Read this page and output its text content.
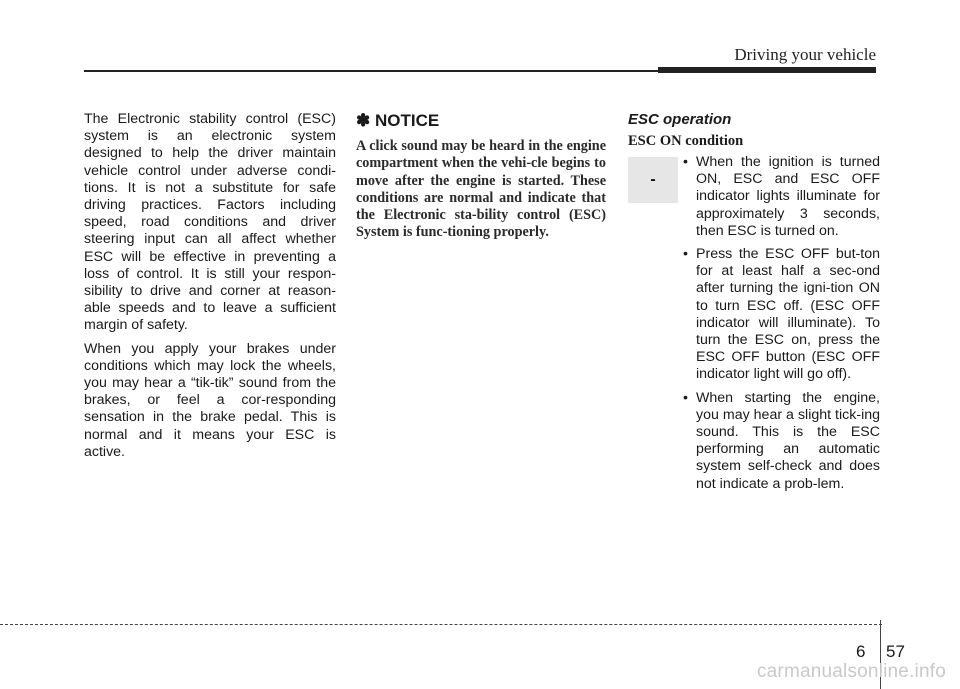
Driving your vehicle

The Electronic stability control (ESC) system is an electronic system designed to help the driver maintain vehicle control under adverse condi-tions. It is not a substitute for safe driving practices. Factors including speed, road conditions and driver steering input can all affect whether ESC will be effective in preventing a loss of control. It is still your respon-sibility to drive and corner at reason-able speeds and to leave a sufficient margin of safety.

When you apply your brakes under conditions which may lock the wheels, you may hear a “tik-tik” sound from the brakes, or feel a cor-responding sensation in the brake pedal. This is normal and it means your ESC is active.

✽ NOTICE

A click sound may be heard in the engine compartment when the vehi-cle begins to move after the engine is started. These conditions are normal and indicate that the Electronic sta-bility control (ESC) System is func-tioning properly.

ESC operation
ESC ON condition
-
• When the ignition is turned ON, ESC and ESC OFF indicator lights illuminate for approximately 3 seconds, then ESC is turned on.
• Press the ESC OFF but-ton for at least half a sec-ond after turning the igni-tion ON to turn ESC off. (ESC OFF indicator will illuminate). To turn the ESC on, press the ESC OFF button (ESC OFF indicator light will go off).
• When starting the engine, you may hear a slight tick-ing sound. This is the ESC performing an automatic system self-check and does not indicate a prob-lem.
6 57
carmanualsonline.info
